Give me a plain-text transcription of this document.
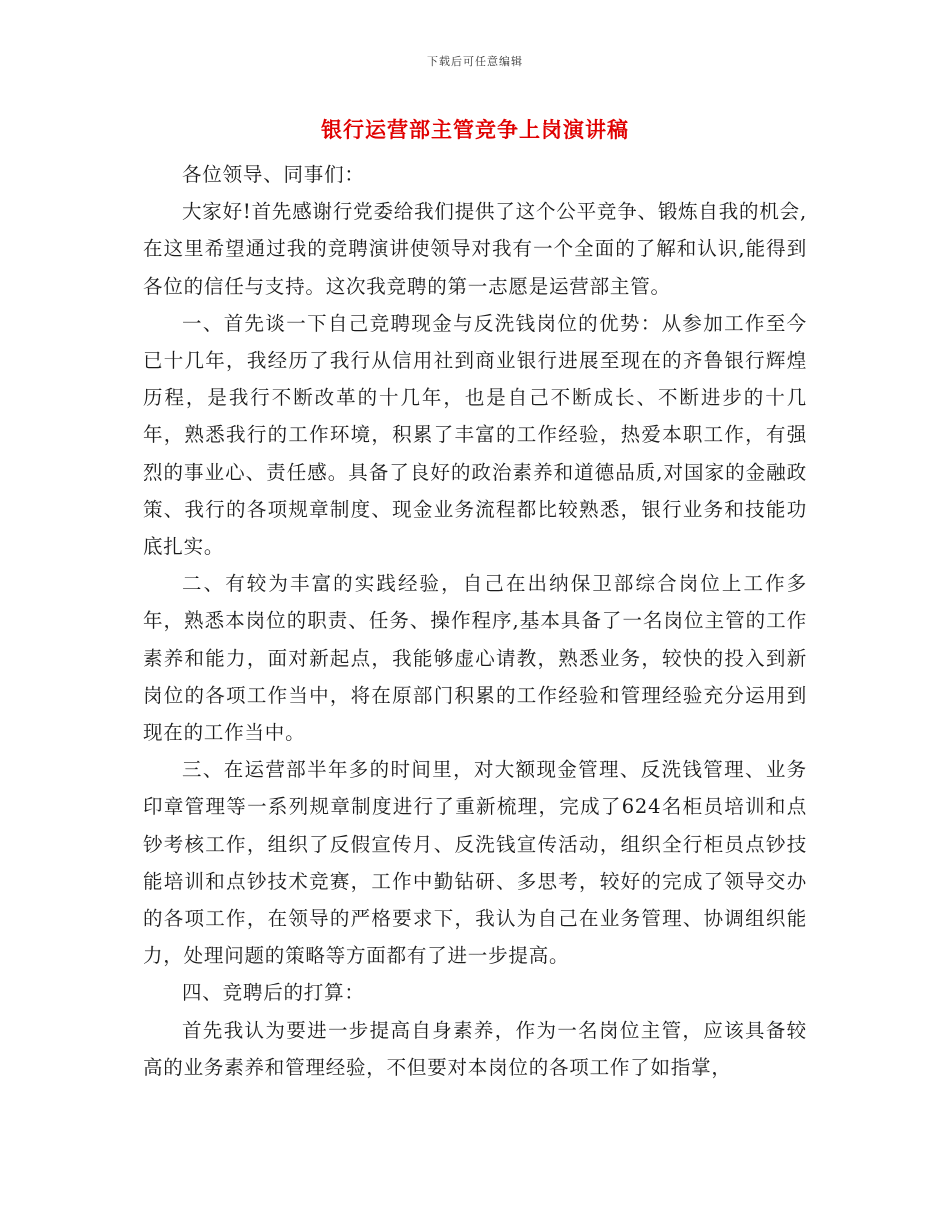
下载后可任意编辑
银行运营部主管竞争上岗演讲稿

各位领导、同事们：

大家好!首先感谢行党委给我们提供了这个公平竞争、锻炼自我的机会,在这里希望通过我的竞聘演讲使领导对我有一个全面的了解和认识,能得到各位的信任与支持。这次我竞聘的第一志愿是运营部主管。

一、首先谈一下自己竞聘现金与反洗钱岗位的优势：从参加工作至今已十几年，我经历了我行从信用社到商业银行进展至现在的齐鲁银行辉煌历程，是我行不断改革的十几年，也是自己不断成长、不断进步的十几年，熟悉我行的工作环境，积累了丰富的工作经验，热爱本职工作，有强烈的事业心、责任感。具备了良好的政治素养和道德品质,对国家的金融政策、我行的各项规章制度、现金业务流程都比较熟悉，银行业务和技能功底扎实。

二、有较为丰富的实践经验，自己在出纳保卫部综合岗位上工作多年，熟悉本岗位的职责、任务、操作程序,基本具备了一名岗位主管的工作素养和能力，面对新起点，我能够虚心请教，熟悉业务，较快的投入到新岗位的各项工作当中，将在原部门积累的工作经验和管理经验充分运用到现在的工作当中。

三、在运营部半年多的时间里，对大额现金管理、反洗钱管理、业务印章管理等一系列规章制度进行了重新梳理，完成了624名柜员培训和点钞考核工作，组织了反假宣传月、反洗钱宣传活动，组织全行柜员点钞技能培训和点钞技术竞赛，工作中勤钻研、多思考，较好的完成了领导交办的各项工作，在领导的严格要求下，我认为自己在业务管理、协调组织能力，处理问题的策略等方面都有了进一步提高。

四、竞聘后的打算：

首先我认为要进一步提高自身素养，作为一名岗位主管，应该具备较高的业务素养和管理经验，不但要对本岗位的各项工作了如指掌，
